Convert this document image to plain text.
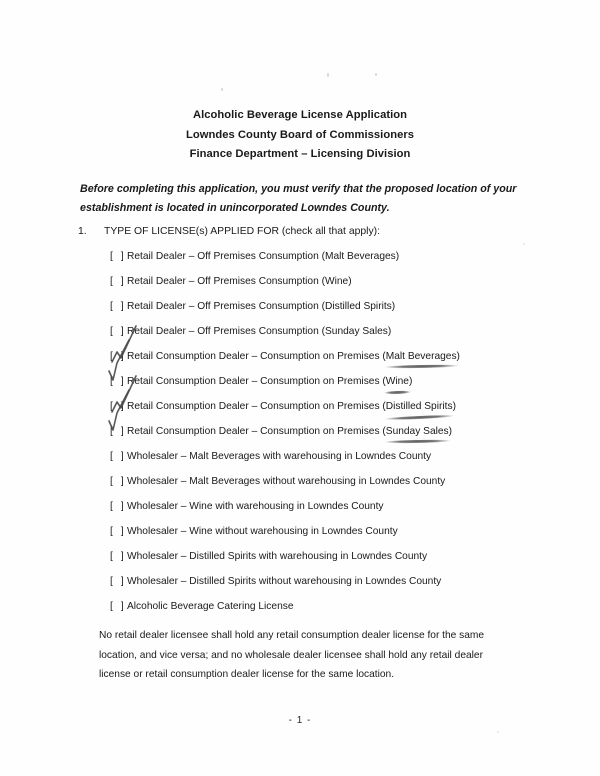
Alcoholic Beverage License Application
Lowndes County Board of Commissioners
Finance Department – Licensing Division
Before completing this application, you must verify that the proposed location of your establishment is located in unincorporated Lowndes County.
1. TYPE OF LICENSE(s) APPLIED FOR (check all that apply):
[ ]Retail Dealer – Off Premises Consumption (Malt Beverages)
[ ]Retail Dealer – Off Premises Consumption (Wine)
[ ]Retail Dealer – Off Premises Consumption (Distilled Spirits)
[ ]Retail Dealer – Off Premises Consumption (Sunday Sales)
[ ]Retail Consumption Dealer – Consumption on Premises (Malt Beverages)
[ ]Retail Consumption Dealer – Consumption on Premises (Wine)
[ ]Retail Consumption Dealer – Consumption on Premises (Distilled Spirits)
[ ]Retail Consumption Dealer – Consumption on Premises (Sunday Sales)
[ ]Wholesaler – Malt Beverages with warehousing in Lowndes County
[ ]Wholesaler – Malt Beverages without warehousing in Lowndes County
[ ]Wholesaler – Wine with warehousing in Lowndes County
[ ]Wholesaler – Wine without warehousing in Lowndes County
[ ]Wholesaler – Distilled Spirits with warehousing in Lowndes County
[ ]Wholesaler – Distilled Spirits without warehousing in Lowndes County
[ ]Alcoholic Beverage Catering License
No retail dealer licensee shall hold any retail consumption dealer license for the same location, and vice versa; and no wholesale dealer licensee shall hold any retail dealer license or retail consumption dealer license for the same location.
- 1 -
